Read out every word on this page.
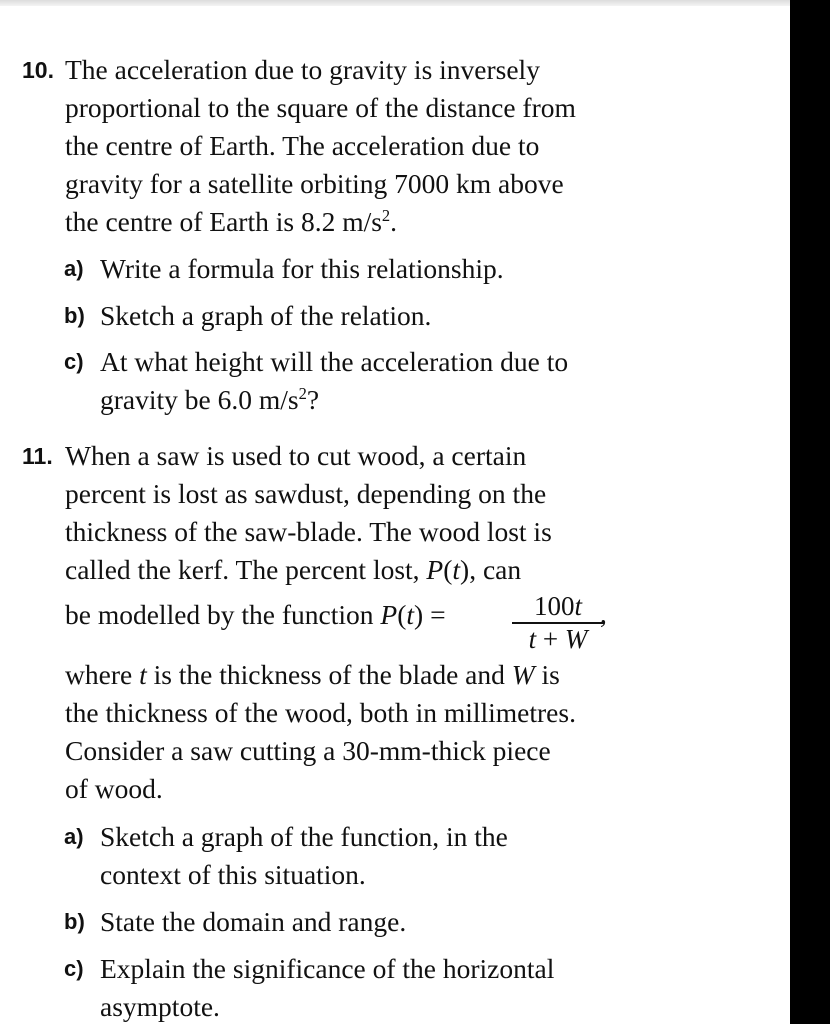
10. The acceleration due to gravity is inversely
proportional to the square of the distance from
the centre of Earth. The acceleration due to
gravity for a satellite orbiting 7000 km above
the centre of Earth is 8.2 $m/s^2$.
a) Write a formula for this relationship.
b) Sketch a graph of the relation.
c) At what height will the acceleration due to
gravity be 6.0 $m/s^2$?
11. When a saw is used to cut wood, a certain
percent is lost as sawdust, depending on the
thickness of the saw-blade. The wood lost is
called the kerf. The percent lost, P(t), can
be modelled by the function P(t) =	100t
t + W
,
where t is the thickness of the blade and W is
the thickness of the wood, both in millimetres.
Consider a saw cutting a 30-mm-thick piece
of wood.
a) Sketch a graph of the function, in the
context of this situation.
b) State the domain and range.
c) Explain the significance of the horizontal
asymptote.
